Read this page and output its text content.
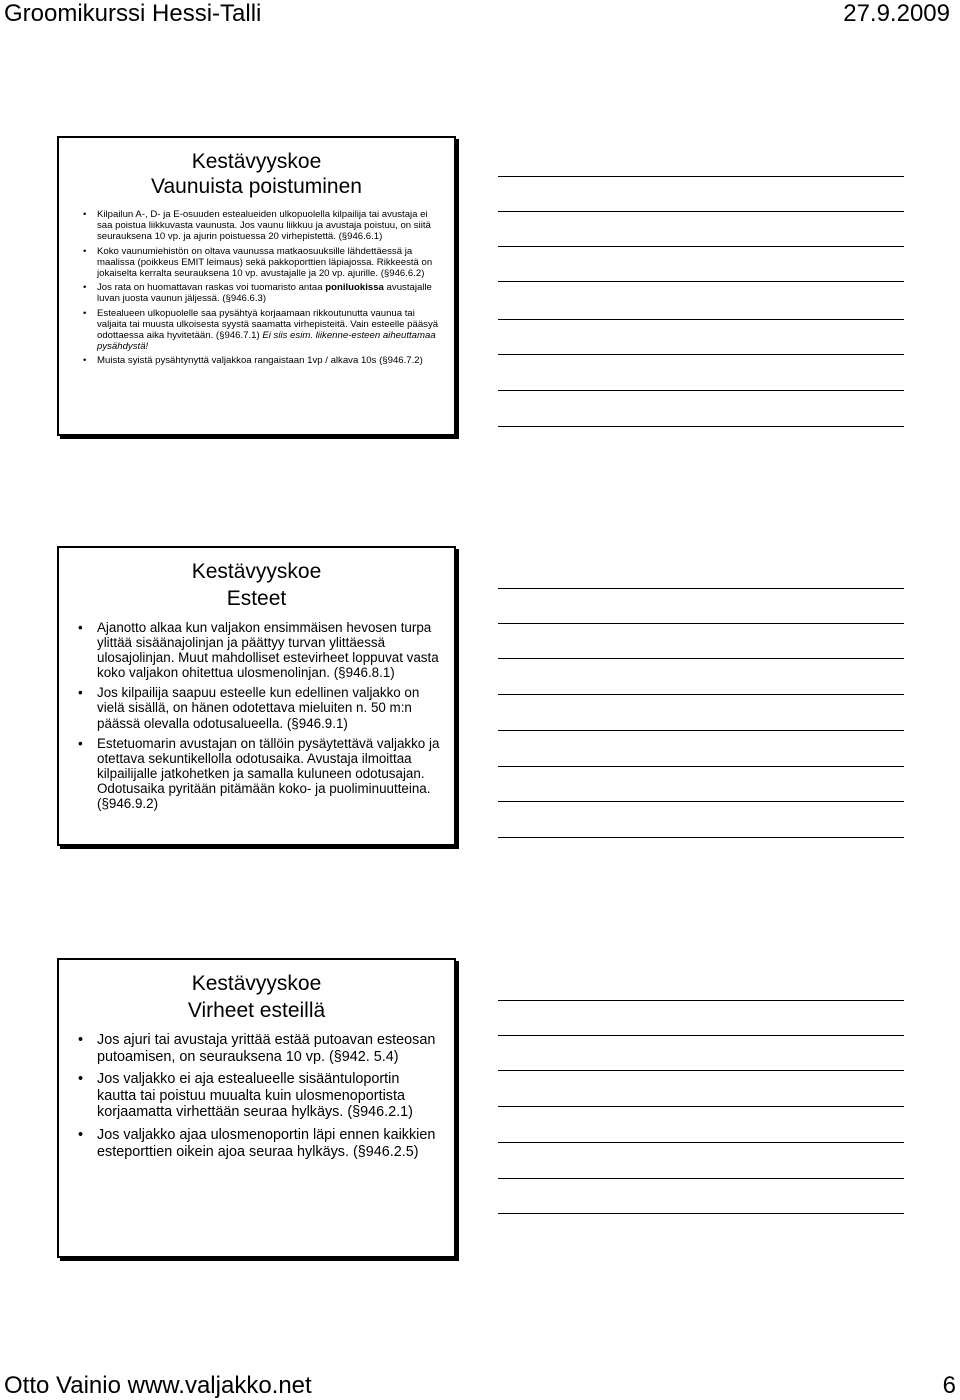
Groomikurssi Hessi-Talli	27.9.2009
Kestävyyskoe
Vaunuista poistuminen
• Kilpailun A-, D- ja E-osuuden estealueiden ulkopuolella kilpailija tai avustaja ei saa poistua liikkuvasta vaunusta. Jos vaunu liikkuu ja avustaja poistuu, on siitä seurauksena 10 vp. ja ajurin poistuessa 20 virhepistettä. (§946.6.1)
• Koko vaunumiehistön on oltava vaunussa matkaosuuksille lähdettäessä ja maalissa (poikkeus EMIT leimaus) sekä pakkoporttien läpiajossa. Rikkeestä on jokaiselta kerralta seurauksena 10 vp. avustajalle ja 20 vp. ajurille. (§946.6.2)
• Jos rata on huomattavan raskas voi tuomaristo antaa poniluokissa avustajalle luvan juosta vaunun jäljessä. (§946.6.3)
• Estealueen ulkopuolelle saa pysähtyä korjaamaan rikkoutunutta vaunua tai valjaita tai muusta ulkoisesta syystä saamatta virhepisteitä. Vain esteelle pääsyä odottaessa aika hyvitetään. (§946.7.1) Ei siis esim. liikenne-esteen aiheuttamaa pysähdystä!
• Muista syistä pysähtynyttä valjakkoa rangaistaan 1vp / alkava 10s (§946.7.2)
Kestävyyskoe
Esteet
• Ajanotto alkaa kun valjakon ensimmäisen hevosen turpa ylittää sisäänajolinjan ja päättyy turvan ylittäessä ulosajolinjan. Muut mahdolliset estevirheet loppuvat vasta koko valjakon ohitettua ulosmenolinjan. (§946.8.1)
• Jos kilpailija saapuu esteelle kun edellinen valjakko on vielä sisällä, on hänen odotettava mieluiten n. 50 m:n päässä olevalla odotusalueella. (§946.9.1)
• Estetuomarin avustajan on tällöin pysäytettävä valjakko ja otettava sekuntikellolla odotusaika. Avustaja ilmoittaa kilpailijalle jatkohetken ja samalla kuluneen odotusajan. Odotusaika pyritään pitämään koko- ja puoliminuutteina. (§946.9.2)
Kestävyyskoe
Virheet esteillä
• Jos ajuri tai avustaja yrittää estää putoavan esteosan putoamisen, on seurauksena 10 vp. (§942. 5.4)
• Jos valjakko ei aja estealueelle sisääntuloportin kautta tai poistuu muualta kuin ulosmenoportista korjaamatta virhettään seuraa hylkäys. (§946.2.1)
• Jos valjakko ajaa ulosmenoportin läpi ennen kaikkien esteporttien oikein ajoa seuraa hylkäys. (§946.2.5)
Otto Vainio www.valjakko.net	6
